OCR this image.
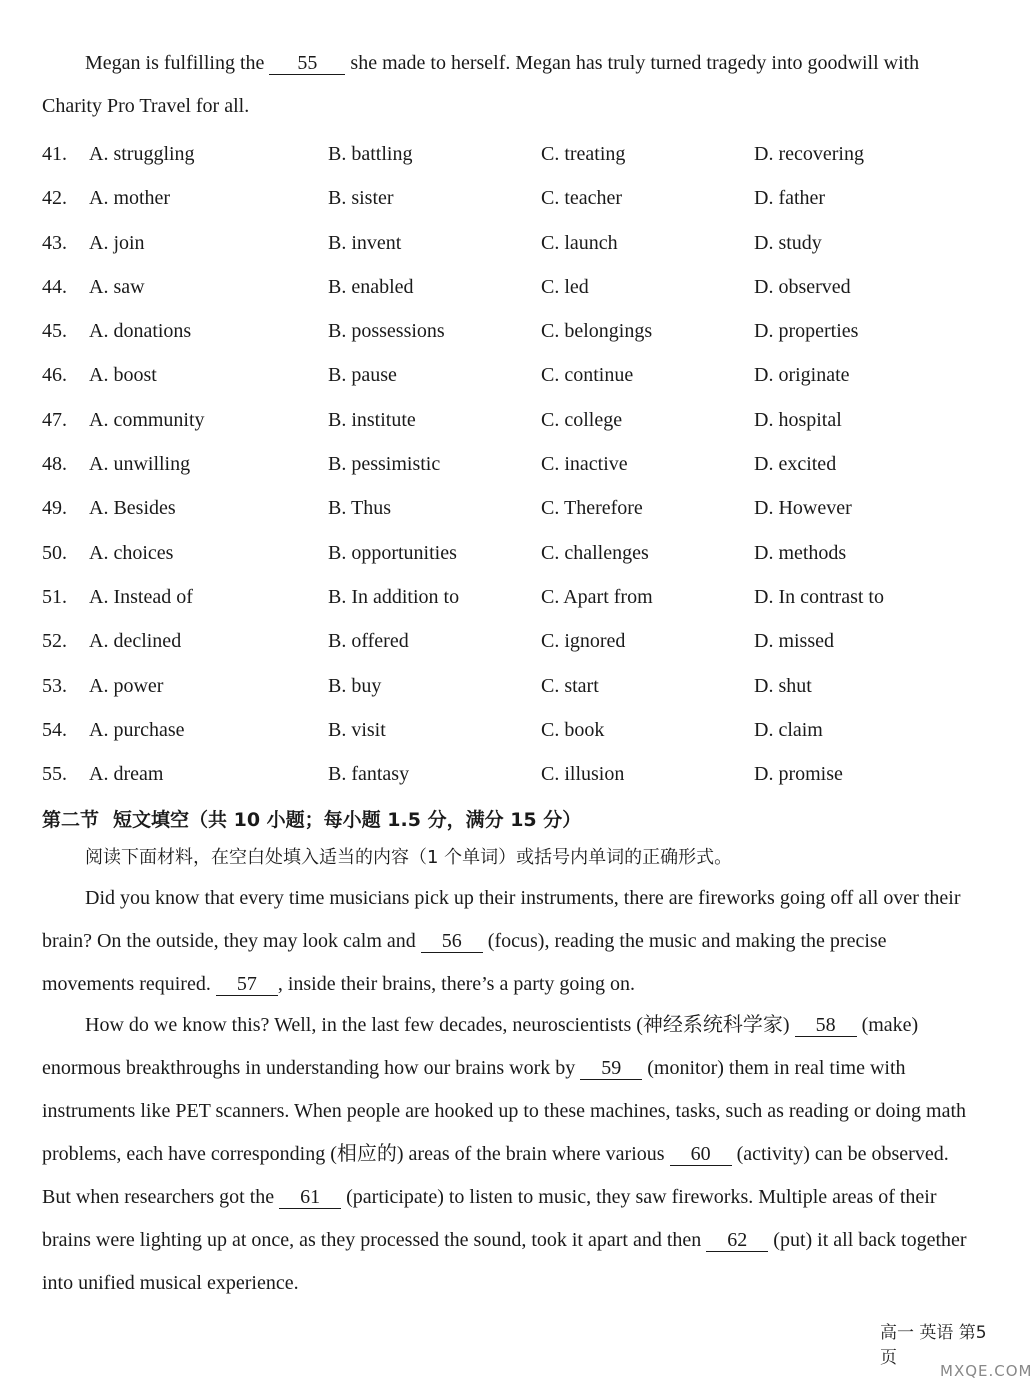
Megan is fulfilling the 55 she made to herself. Megan has truly turned tragedy into goodwill with Charity Pro Travel for all.

41. A. struggling	B. battling	C. treating	D. recovering
42. A. mother	B. sister	C. teacher	D. father
43. A. join	B. invent	C. launch	D. study
44. A. saw	B. enabled	C. led	D. observed
45. A. donations	B. possessions	C. belongings	D. properties
46. A. boost	B. pause	C. continue	D. originate
47. A. community	B. institute	C. college	D. hospital
48. A. unwilling	B. pessimistic	C. inactive	D. excited
49. A. Besides	B. Thus	C. Therefore	D. However
50. A. choices	B. opportunities	C. challenges	D. methods
51. A. Instead of	B. In addition to	C. Apart from	D. In contrast to
52. A. declined	B. offered	C. ignored	D. missed
53. A. power	B. buy	C. start	D. shut
54. A. purchase	B. visit	C. book	D. claim
55. A. dream	B. fantasy	C. illusion	D. promise
第二节 短文填空（共 10 小题；每小题 1.5 分，满分 15 分）
阅读下面材料，在空白处填入适当的内容（1 个单词）或括号内单词的正确形式。

Did you know that every time musicians pick up their instruments, there are fireworks going off all over their brain? On the outside, they may look calm and 56 (focus), reading the music and making the precise movements required. 57 , inside their brains, there’s a party going on.

How do we know this? Well, in the last few decades, neuroscientists (神经系统科学家) 58 (make) enormous breakthroughs in understanding how our brains work by 59 (monitor) them in real time with instruments like PET scanners. When people are hooked up to these machines, tasks, such as reading or doing math problems, each have corresponding (相应的) areas of the brain where various 60 (activity) can be observed. But when researchers got the 61 (participate) to listen to music, they saw fireworks. Multiple areas of their brains were lighting up at once, as they processed the sound, took it apart and then 62 (put) it all back together into unified musical experience.

高一 英语 第5页
MXQE.COM
